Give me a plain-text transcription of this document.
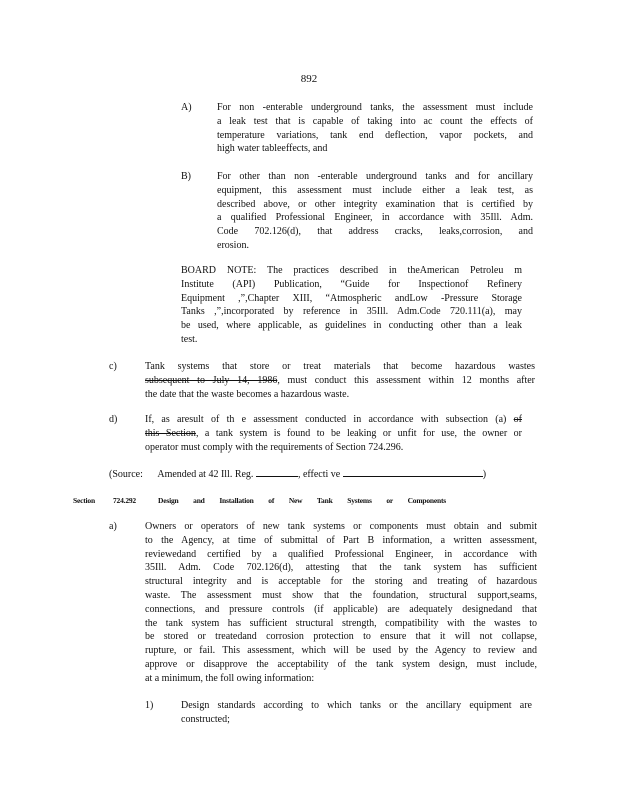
892
A)	For non -enterable underground tanks, the assessment must include
a leak test that is capable of taking into ac count the effects of
temperature variations, tank end deflection, vapor pockets, and
high water tableeffects, and
B)	For other than non -enterable underground tanks and for ancillary
equipment, this assessment must include either a leak test, as
described above, or other integrity examination that is certified by
a qualified Professional Engineer, in accordance with 35Ill. Adm.
Code 702.126(d), that address cracks, leaks,corrosion, and
erosion.
BOARD NOTE: The practices described in theAmerican Petroleu m
Institute (API) Publication, “Guide for Inspectionof Refinery
Equipment ,”,Chapter XIII, “Atmospheric andLow -Pressure Storage
Tanks ,”,incorporated by reference in 35Ill. Adm.Code 720.111(a), may
be used, where applicable, as guidelines in conducting other than a leak
test.
c)	Tank systems that store or treat materials that become hazardous wastes
subsequent to July 14, 1986, must conduct this assessment within 12 months after
the date that the waste becomes a hazardous waste.
d)	If, as aresult of th e assessment conducted in accordance with subsection (a) of
this Section, a tank system is found to be leaking or unfit for use, the owner or
operator must comply with the requirements of Section 724.296.
(Source: Amended at 42 Ill. Reg.	, effecti ve	)
Section 724.292	Design and Installation of New Tank Systems or Components
a)	Owners or operators of new tank systems or components must obtain and submit
to the Agency, at time of submittal of Part B information, a written assessment,
reviewedand certified by a qualified Professional Engineer, in accordance with
35Ill. Adm. Code 702.126(d), attesting that the tank system has sufficient
structural integrity and is acceptable for the storing and treating of hazardous
waste. The assessment must show that the foundation, structural support,seams,
connections, and pressure controls (if applicable) are adequately designedand that
the tank system has sufficient structural strength, compatibility with the wastes to
be stored or treatedand corrosion protection to ensure that it will not collapse,
rupture, or fail. This assessment, which will be used by the Agency to review and
approve or disapprove the acceptability of the tank system design, must include,
at a minimum, the foll owing information:
1)	Design standards according to which tanks or the ancillary equipment are
constructed;
